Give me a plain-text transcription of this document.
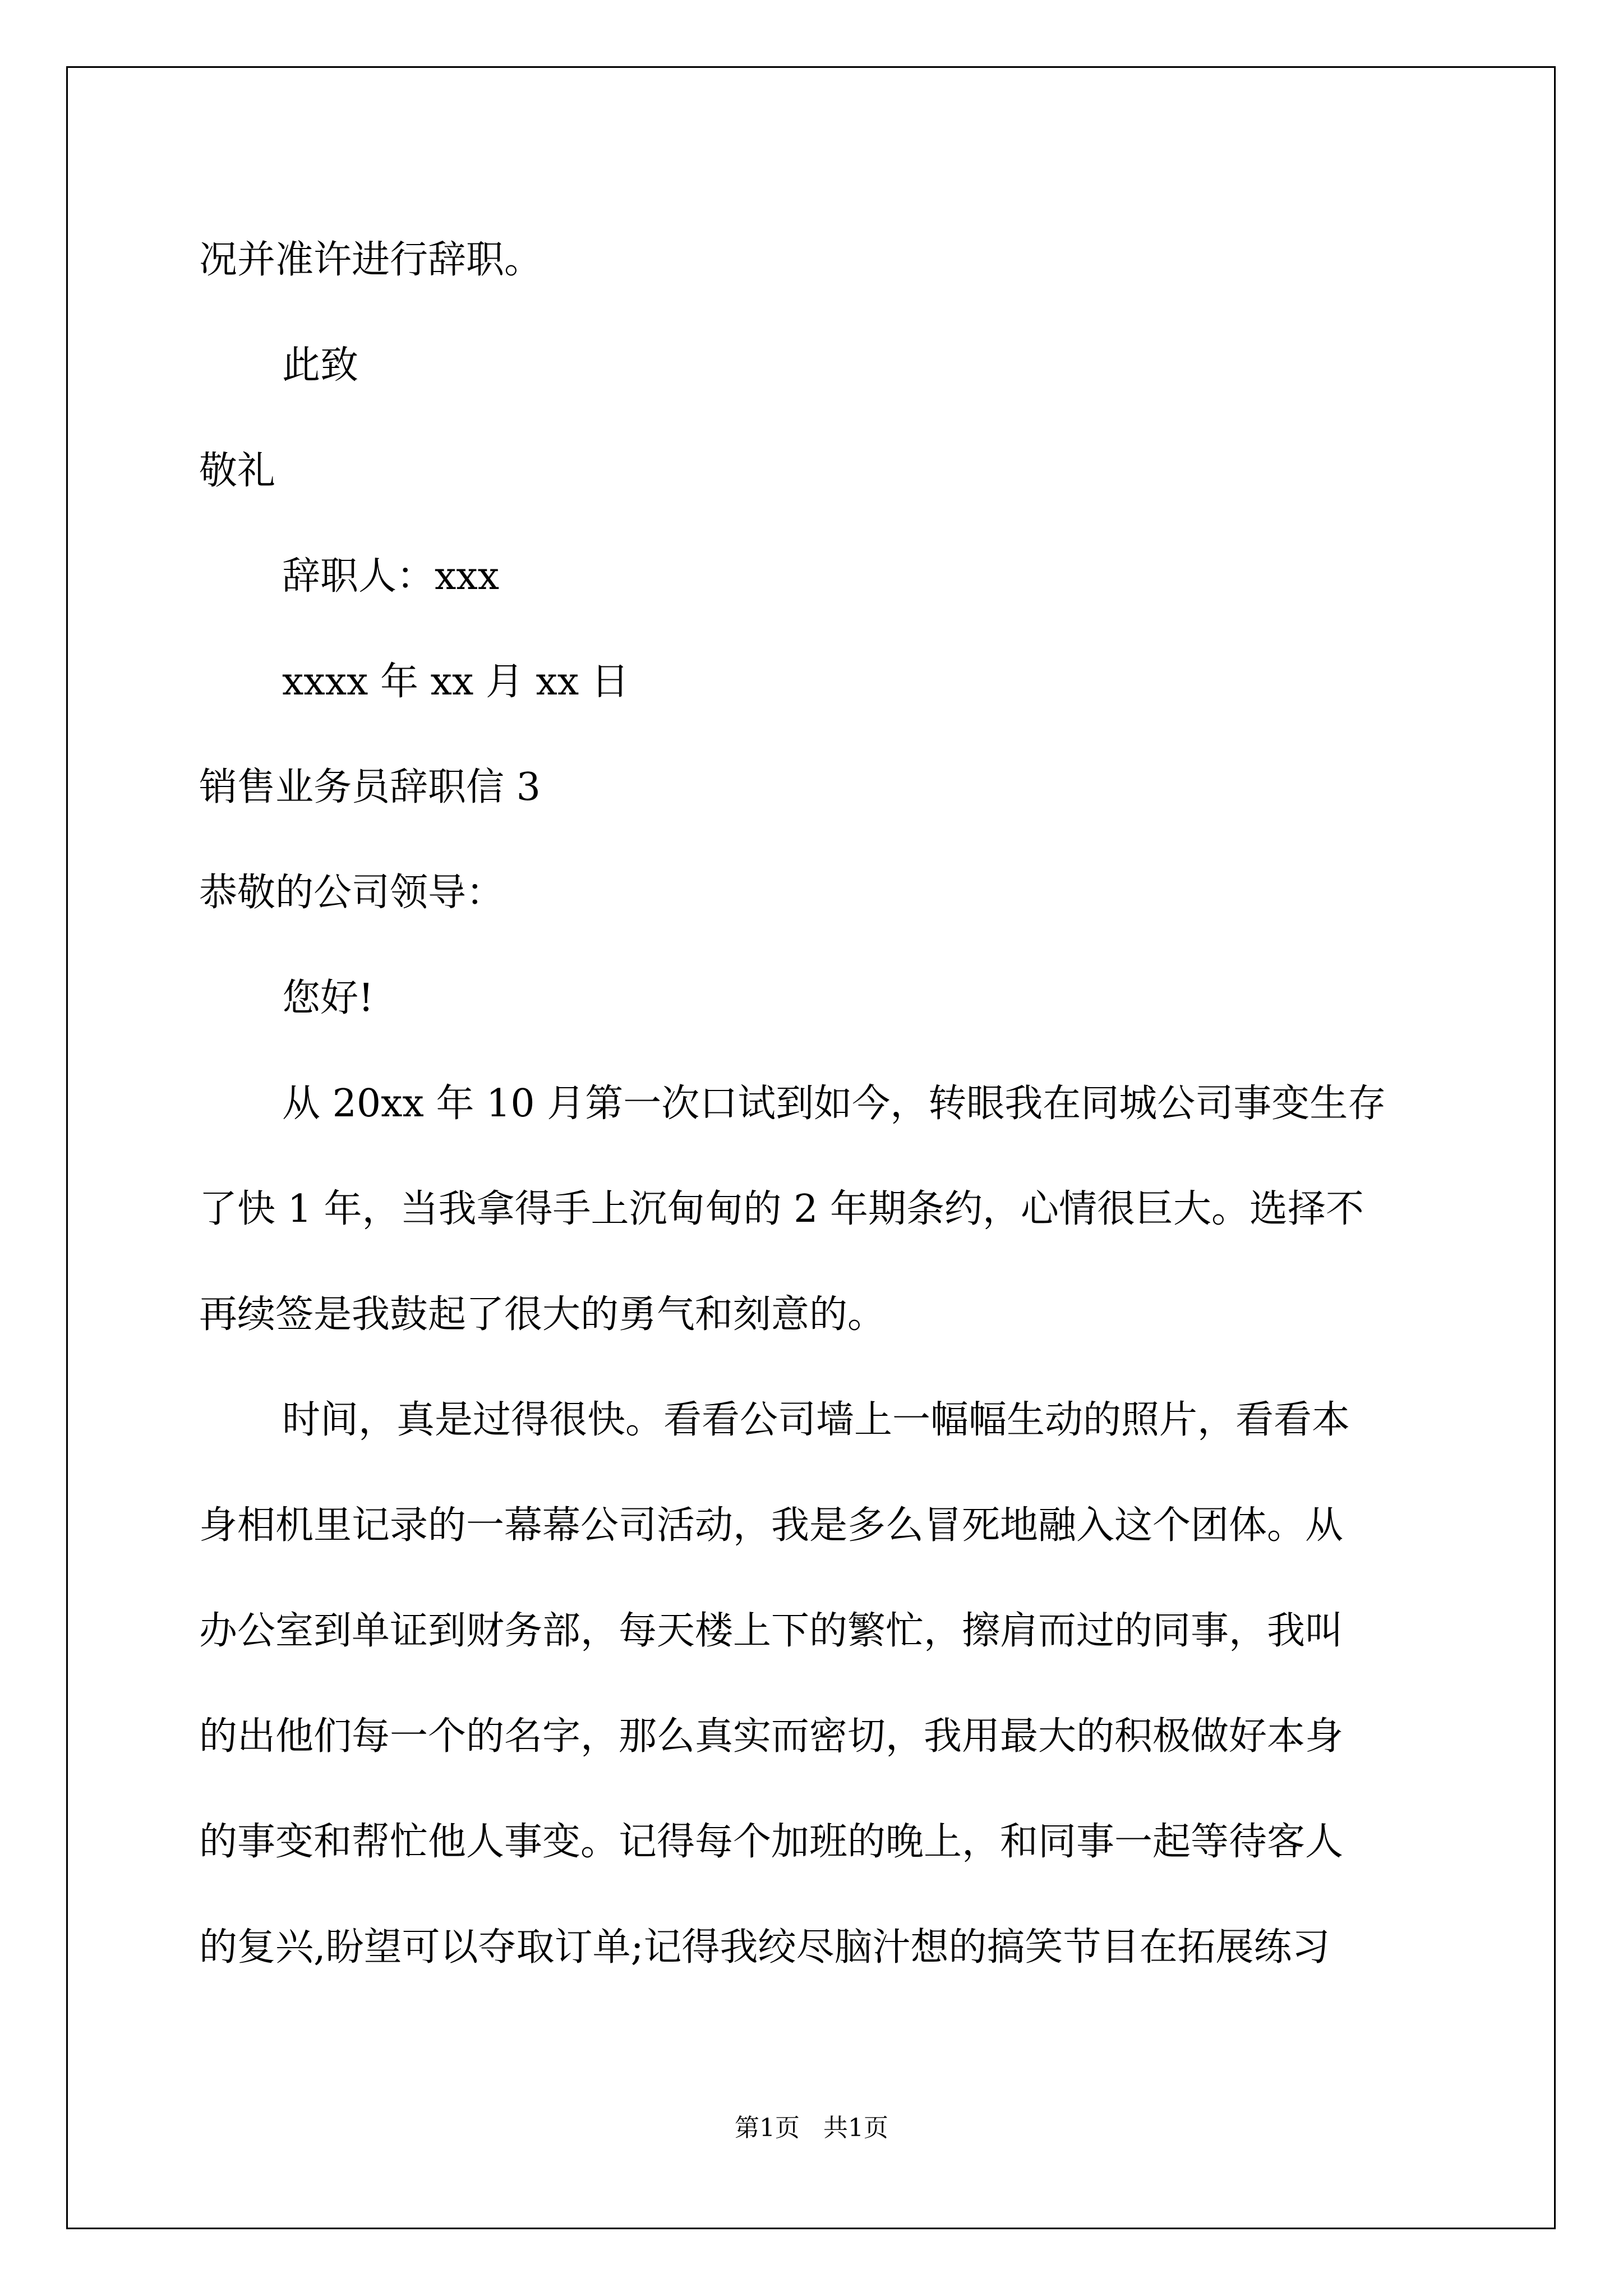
况并准许进行辞职。
此致
敬礼
辞职人：xxx
xxxx 年 xx 月 xx 日
销售业务员辞职信 3
恭敬的公司领导：
您好!
从 20xx 年 10 月第一次口试到如今，转眼我在同城公司事变生存
了快 1 年，当我拿得手上沉甸甸的 2 年期条约，心情很巨大。选择不
再续签是我鼓起了很大的勇气和刻意的。
时间，真是过得很快。看看公司墙上一幅幅生动的照片，看看本
身相机里记录的一幕幕公司活动，我是多么冒死地融入这个团体。从
办公室到单证到财务部，每天楼上下的繁忙，擦肩而过的同事，我叫
的出他们每一个的名字，那么真实而密切，我用最大的积极做好本身
的事变和帮忙他人事变。记得每个加班的晚上，和同事一起等待客人
的复兴,盼望可以夺取订单;记得我绞尽脑汁想的搞笑节目在拓展练习
第1页   共1页
